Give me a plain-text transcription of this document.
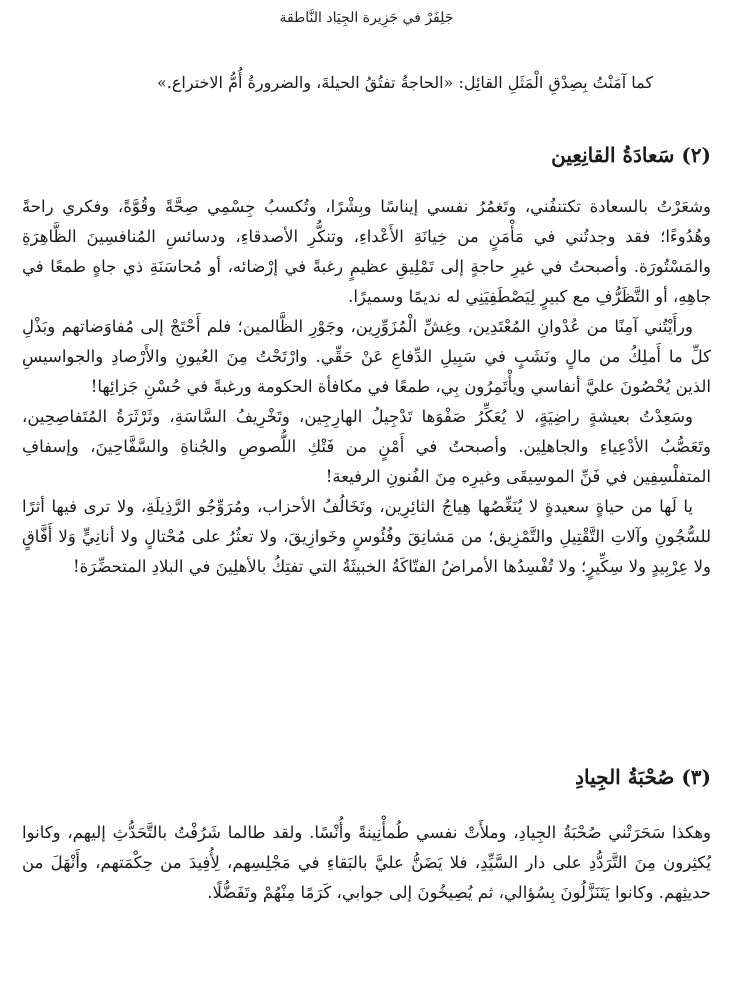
جَلِفَرْ في جَزِيرة الجِيَاد النَّاطقة
كما آمَنْتُ بِصِدْقِ الْمَثَلِ القائِل: «الحاجةُ تفتُقُ الحيلةَ، والضرورةُ أُمُّ الاختراع.»
(٢) سَعادَةُ القانِعِين

وشعَرْتُ بالسعادة تكتنفُني، وتَغمُرُ نفسي إيناسًا وبِشْرًا، وتُكسبُ جِسْمِي صِحَّةً وقُوَّةً، وفكري راحةً وهُدُوءًا؛ فقد وجدتُني في مَأْمَنٍ من خِيانَةِ الأَعْداءِ، وتنكُّرِ الأصدقاءِ، ودسائسِ المُنافسِينَ الظَّاهِرَةِ والمَسْتُورَة. وأصبحتُ في غيرِ حاجةٍ إلى تَمْلِيقِ عظيمٍ رغبةً في إرْضائه، أو مُحاسَنَةِ ذي جاهٍ طمعًا في جاهِهِ، أو التَّظَرُّفِ مع كبيرٍ لِيَصْطَفِيَنِي له نديمًا وسميرًا.

ورأَيْتُني آمِنًا من عُدْوانِ المُعْتَدِين، وغِشِّ الْمُزَوِّرِين، وجَوْرِ الظَّالمين؛ فلم أَحْتَجْ إلى مُفاوَضاتهم وبَذْلِ كلِّ ما أَملِكُ من مالٍ ونَشَبٍ في سَبِيلِ الدِّفاعِ عَنْ حَقِّي. وارْتَحْتُ مِنَ العُيونِ والأَرْصادِ والجواسيسِ الذين يُحْصُونَ عليَّ أنفاسي ويأْتَمِرُون بِي، طمعًا في مكافأة الحكومة ورغبةً في حُسْنِ جَزائِها!

وسَعِدْتُ بعيشةٍ راضِيَةٍ، لا يُعَكِّرُ صَفْوَها تَدْجِيلُ الهارِجِين، وتَخْرِيفُ السَّاسَةِ، وثَرْثَرَةُ المُتَفاصِحِين، وتَعَصُّبُ الأدْعِياءِ والجاهلِين. وأصبحتُ في أَمْنٍ من فَتْكِ اللُّصوصِ والجُناةِ والسَّفَّاحِينَ، وإسفافِ المتفلْسِفِين في فَنِّ الموسِيقَى وغيرِه مِنَ الفُنونِ الرفيعة!

يا لَها من حياةٍ سعيدةٍ لا يُنَغِّصُها هِياجُ الثائِرِين، وتَخَالُفُ الأحزاب، ومُرَوِّجُو الرَّذِيلَةِ، ولا ترى فيها أثرًا للسُّجُونِ وآلاتِ التَّقْتِيلِ والتَّمْزِيق؛ من مَشانِقَ وفُئُوسٍ وخَوازِيقَ، ولا تعثُرُ على مُحْتالٍ ولا أنانِيٍّ وَلا أَفَّاقٍ ولا عِرْبِيدٍ ولا سِكِّيرٍ؛ ولا تُفْسِدُها الأمراضُ الفتّاكَةُ الخبيثَةُ التي تفتِكُ بالأهلِينَ في البلادِ المتحضِّرَة!

(٣) صُحْبَةُ الجِيادِ

وهكذا سَحَرَتْني صُحْبَةُ الجِيادِ، وملأَتْ نفسي طُمأْنِينةً وأُنْسًا. ولقد طالما شَرُفْتُ بالتَّحَدُّثِ إليهم، وكانوا يُكثِرون مِنَ التَّرَدُّدِ على دار السَّيِّدِ، فلا يَضَنُّ عليَّ بالبَقاءِ في مَجْلِسِهم، لِأُفِيدَ من حِكْمَتهم، وأَنْهَلَ من حديثِهم. وكانوا يَتَنَزَّلُونَ بِسُؤالي، ثم يُصِيخُونَ إلى جوابي، كَرَمًا مِنْهُمْ وتَفَضُّلًا.
